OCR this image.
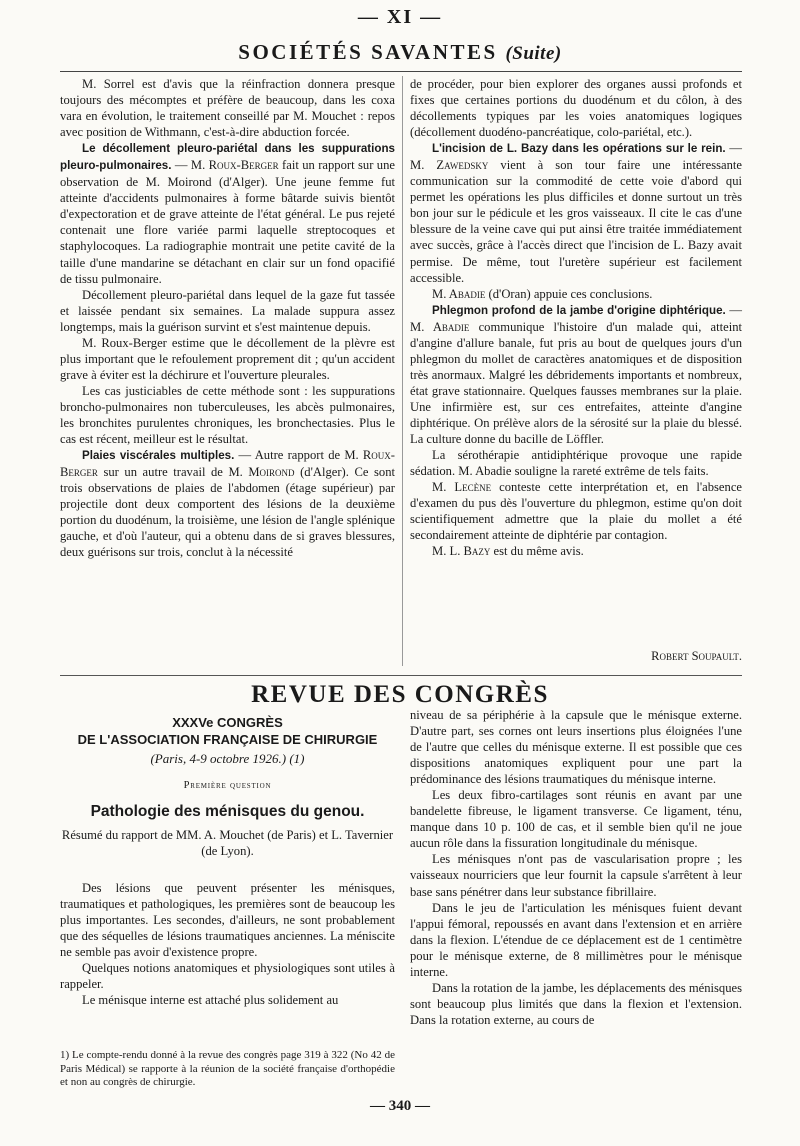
— XI —
SOCIÉTÉS SAVANTES (Suite)

M. Sorrel est d'avis que la réinfraction donnera presque toujours des mécomptes et préfère de beaucoup, dans les coxa vara en évolution, le traitement conseillé par M. Mouchet : repos avec position de Withmann, c'est-à-dire abduction forcée.

Le décollement pleuro-pariétal dans les suppurations pleuro-pulmonaires. — M. Roux-Berger fait un rapport sur une observation de M. Moirond (d'Alger). Une jeune femme fut atteinte d'accidents pulmonaires à forme bâtarde suivis bientôt d'expectoration et de grave atteinte de l'état général. Le pus rejeté contenait une flore variée parmi laquelle streptocoques et staphylocoques. La radiographie montrait une petite cavité de la taille d'une mandarine se détachant en clair sur un fond opacifié de tissu pulmonaire.

Décollement pleuro-pariétal dans lequel de la gaze fut tassée et laissée pendant six semaines. La malade suppura assez longtemps, mais la guérison survint et s'est maintenue depuis.

M. Roux-Berger estime que le décollement de la plèvre est plus important que le refoulement proprement dit ; qu'un accident grave à éviter est la déchirure et l'ouverture pleurales.

Les cas justiciables de cette méthode sont : les suppurations broncho-pulmonaires non tuberculeuses, les abcès pulmonaires, les bronchites purulentes chroniques, les bronchectasies. Plus le cas est récent, meilleur est le résultat.

Plaies viscérales multiples. — Autre rapport de M. Roux-Berger sur un autre travail de M. Moirond (d'Alger). Ce sont trois observations de plaies de l'abdomen (étage supérieur) par projectile dont deux comportent des lésions de la deuxième portion du duodénum, la troisième, une lésion de l'angle splénique gauche, et d'où l'auteur, qui a obtenu dans de si graves blessures, deux guérisons sur trois, conclut à la nécessité

de procéder, pour bien explorer des organes aussi profonds et fixes que certaines portions du duodénum et du côlon, à des décollements typiques par les voies anatomiques logiques (décollement duodéno-pancréatique, colo-pariétal, etc.).

L'incision de L. Bazy dans les opérations sur le rein. — M. Zawedsky vient à son tour faire une intéressante communication sur la commodité de cette voie d'abord qui permet les opérations les plus difficiles et donne surtout un très bon jour sur le pédicule et les gros vaisseaux. Il cite le cas d'une blessure de la veine cave qui put ainsi être traitée immédiatement avec succès, grâce à l'accès direct que l'incision de L. Bazy avait permise. De même, tout l'uretère supérieur est facilement accessible.

M. Abadie (d'Oran) appuie ces conclusions.

Phlegmon profond de la jambe d'origine diphtérique. — M. Abadie communique l'histoire d'un malade qui, atteint d'angine d'allure banale, fut pris au bout de quelques jours d'un phlegmon du mollet de caractères anatomiques et de disposition très anormaux. Malgré les débridements importants et nombreux, état grave stationnaire. Quelques fausses membranes sur la plaie. Une infirmière est, sur ces entrefaites, atteinte d'angine diphtérique. On prélève alors de la sérosité sur la plaie du blessé. La culture donne du bacille de Löffler.

La sérothérapie antidiphtérique provoque une rapide sédation. M. Abadie souligne la rareté extrême de tels faits.

M. Lecène conteste cette interprétation et, en l'absence d'examen du pus dès l'ouverture du phlegmon, estime qu'on doit scientifiquement admettre que la plaie du mollet a été secondairement atteinte de diphtérie par contagion.

M. L. Bazy est du même avis.

Robert Soupault.
REVUE DES CONGRÈS
XXXVe CONGRÈS
DE L'ASSOCIATION FRANÇAISE DE CHIRURGIE
(Paris, 4-9 octobre 1926.) (1)
Première question
Pathologie des ménisques du genou.
Résumé du rapport de MM. A. Mouchet (de Paris) et L. Tavernier (de Lyon).

Des lésions que peuvent présenter les ménisques, traumatiques et pathologiques, les premières sont de beaucoup les plus importantes. Les secondes, d'ailleurs, ne sont probablement que des séquelles de lésions traumatiques anciennes. La méniscite ne semble pas avoir d'existence propre.

Quelques notions anatomiques et physiologiques sont utiles à rappeler.

Le ménisque interne est attaché plus solidement au

1) Le compte-rendu donné à la revue des congrès page 319 à 322 (No 42 de Paris Médical) se rapporte à la réunion de la société française d'orthopédie et non au congrès de chirurgie.

niveau de sa périphérie à la capsule que le ménisque externe. D'autre part, ses cornes ont leurs insertions plus éloignées l'une de l'autre que celles du ménisque externe. Il est possible que ces dispositions anatomiques expliquent pour une part la prédominance des lésions traumatiques du ménisque interne.

Les deux fibro-cartilages sont réunis en avant par une bandelette fibreuse, le ligament transverse. Ce ligament, ténu, manque dans 10 p. 100 de cas, et il semble bien qu'il ne joue aucun rôle dans la fissuration longitudinale du ménisque.

Les ménisques n'ont pas de vascularisation propre ; les vaisseaux nourriciers que leur fournit la capsule s'arrêtent à leur base sans pénétrer dans leur substance fibrillaire.

Dans le jeu de l'articulation les ménisques fuient devant l'appui fémoral, repoussés en avant dans l'extension et en arrière dans la flexion. L'étendue de ce déplacement est de 1 centimètre pour le ménisque externe, de 8 millimètres pour le ménisque interne.

Dans la rotation de la jambe, les déplacements des ménisques sont beaucoup plus limités que dans la flexion et l'extension. Dans la rotation externe, au cours de

— 340 —
